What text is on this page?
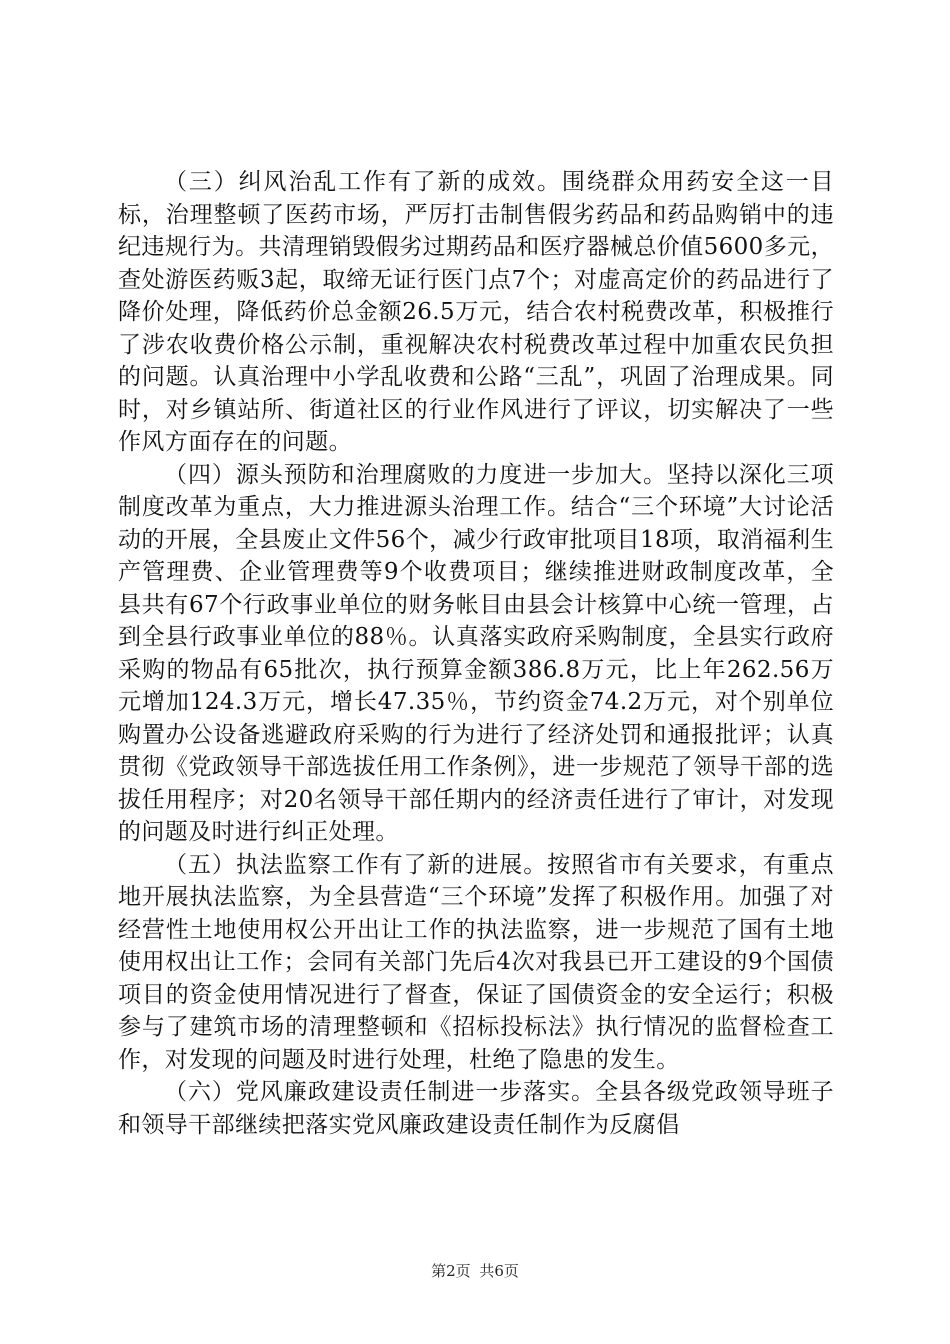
（三）纠风治乱工作有了新的成效。围绕群众用药安全这一目标，治理整顿了医药市场，严厉打击制售假劣药品和药品购销中的违纪违规行为。共清理销毁假劣过期药品和医疗器械总价值5600多元，查处游医药贩3起，取缔无证行医门点7个；对虚高定价的药品进行了降价处理，降低药价总金额26.5万元，结合农村税费改革，积极推行了涉农收费价格公示制，重视解决农村税费改革过程中加重农民负担的问题。认真治理中小学乱收费和公路“三乱”，巩固了治理成果。同时，对乡镇站所、街道社区的行业作风进行了评议，切实解决了一些作风方面存在的问题。

（四）源头预防和治理腐败的力度进一步加大。坚持以深化三项制度改革为重点，大力推进源头治理工作。结合“三个环境”大讨论活动的开展，全县废止文件56个，减少行政审批项目18项，取消福利生产管理费、企业管理费等9个收费项目；继续推进财政制度改革，全县共有67个行政事业单位的财务帐目由县会计核算中心统一管理，占到全县行政事业单位的88％。认真落实政府采购制度，全县实行政府采购的物品有65批次，执行预算金额386.8万元，比上年262.56万元增加124.3万元，增长47.35％，节约资金74.2万元，对个别单位购置办公设备逃避政府采购的行为进行了经济处罚和通报批评；认真贯彻《党政领导干部选拔任用工作条例》，进一步规范了领导干部的选拔任用程序；对20名领导干部任期内的经济责任进行了审计，对发现的问题及时进行纠正处理。

（五）执法监察工作有了新的进展。按照省市有关要求，有重点地开展执法监察，为全县营造“三个环境”发挥了积极作用。加强了对经营性土地使用权公开出让工作的执法监察，进一步规范了国有土地使用权出让工作；会同有关部门先后4次对我县已开工建设的9个国债项目的资金使用情况进行了督查，保证了国债资金的安全运行；积极参与了建筑市场的清理整顿和《招标投标法》执行情况的监督检查工作，对发现的问题及时进行处理，杜绝了隐患的发生。

（六）党风廉政建设责任制进一步落实。全县各级党政领导班子和领导干部继续把落实党风廉政建设责任制作为反腐倡

第2页 共6页
